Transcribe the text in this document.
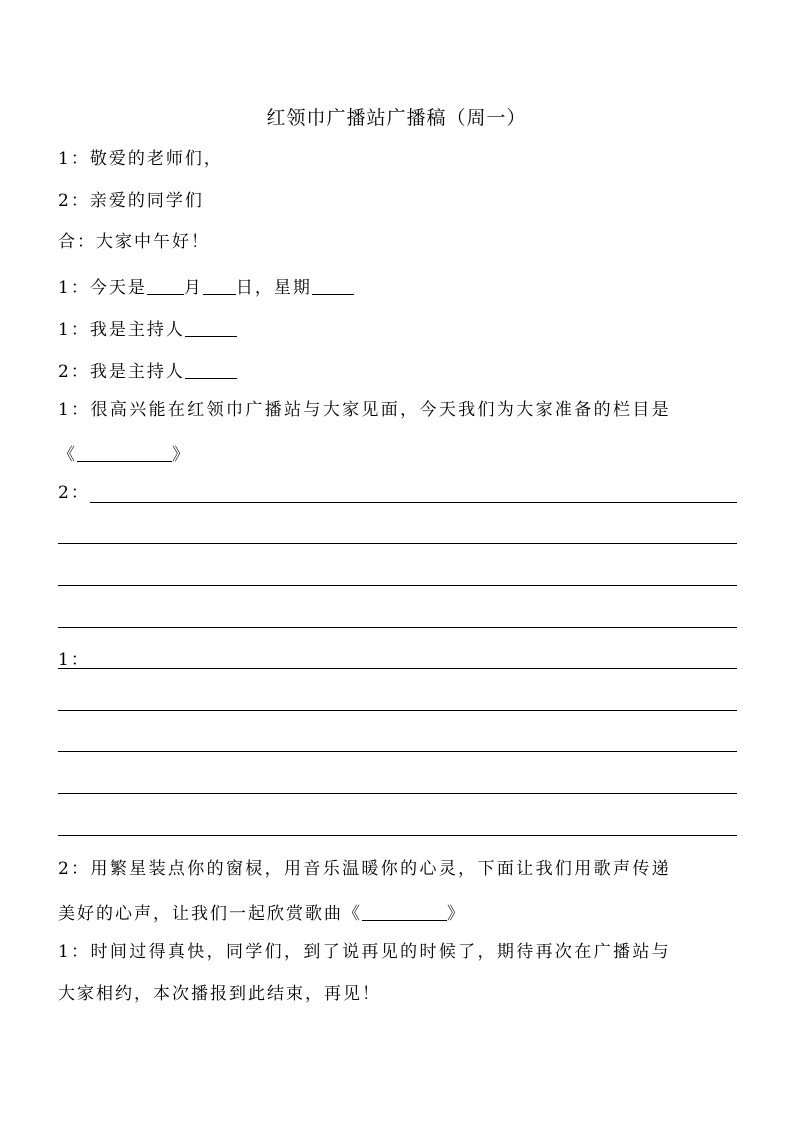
红领巾广播站广播稿（周一）
1：敬爱的老师们，
2：亲爱的同学们
合：大家中午好！
1：今天是 月 日，星期
1：我是主持人
2：我是主持人
1：很高兴能在红领巾广播站与大家见面，今天我们为大家准备的栏目是
《	》
2：
1：
2：用繁星装点你的窗棂，用音乐温暖你的心灵，下面让我们用歌声传递
美好的心声，让我们一起欣赏歌曲《	》
1：时间过得真快，同学们，到了说再见的时候了，期待再次在广播站与
大家相约，本次播报到此结束，再见！
